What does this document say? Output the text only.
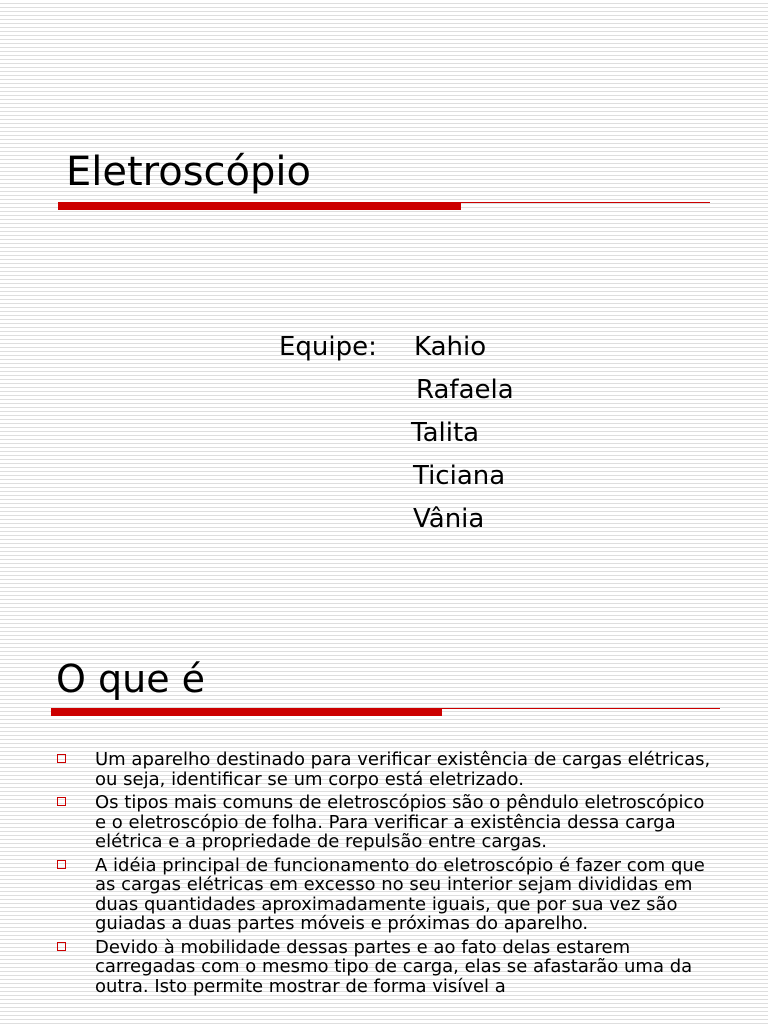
Eletroscópio
Equipe: Kahio
Rafaela
Talita
Ticiana
Vânia
O que é
Um aparelho destinado para verificar existência de cargas elétricas, ou seja, identificar se um corpo está eletrizado.
Os tipos mais comuns de eletroscópios são o pêndulo eletroscópico e o eletroscópio de folha. Para verificar a existência dessa carga elétrica e a propriedade de repulsão entre cargas.
A idéia principal de funcionamento do eletroscópio é fazer com que as cargas elétricas em excesso no seu interior sejam divididas em duas quantidades aproximadamente iguais, que por sua vez são guiadas a duas partes móveis e próximas do aparelho.
Devido à mobilidade dessas partes e ao fato delas estarem carregadas com o mesmo tipo de carga, elas se afastarão uma da outra. Isto permite mostrar de forma visível a
